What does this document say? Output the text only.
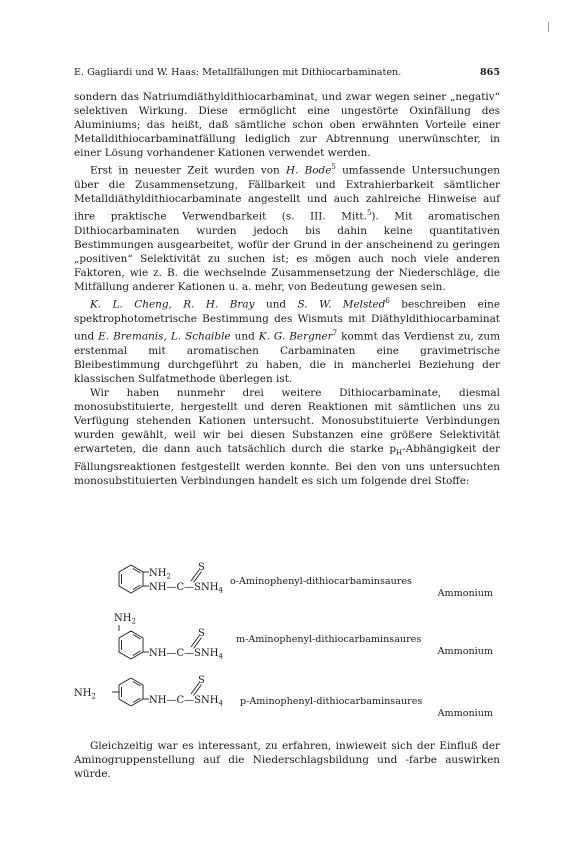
E. Gagliardi und W. Haas: Metallfällungen mit Dithiocarbaminaten.	865

sondern das Natriumdiäthyldithiocarbaminat, und zwar wegen seiner „negativ“ selektiven Wirkung. Diese ermöglicht eine ungestörte Oxinfällung des Aluminiums; das heißt, daß sämtliche schon oben erwähnten Vorteile einer Metalldithiocarbaminatfällung lediglich zur Abtrennung unerwünschter, in einer Lösung vorhandener Kationen verwendet werden.

Erst in neuester Zeit wurden von H. Bode$^5$ umfassende Untersuchungen über die Zusammensetzung, Fällbarkeit und Extrahierbarkeit sämtlicher Metalldiäthyldithiocarbaminate angestellt und auch zahlreiche Hinweise auf ihre praktische Verwendbarkeit (s. III. Mitt.$^5$). Mit aromatischen Dithiocarbaminaten wurden jedoch bis dahin keine quantitativen Bestimmungen ausgearbeitet, wofür der Grund in der anscheinend zu geringen „positiven“ Selektivität zu suchen ist; es mögen auch noch viele anderen Faktoren, wie z. B. die wechselnde Zusammensetzung der Niederschläge, die Mitfällung anderer Kationen u. a. mehr, von Bedeutung gewesen sein.

K. L. Cheng, R. H. Bray und S. W. Melsted$^6$ beschreiben eine spektrophotometrische Bestimmung des Wismuts mit Diäthyldithiocarbaminat und E. Bremanis, L. Schaible und K. G. Bergner$^7$ kommt das Verdienst zu, zum erstenmal mit aromatischen Carbaminaten eine gravimetrische Bleibestimmung durchgeführt zu haben, die in mancherlei Beziehung der klassischen Sulfatmethode überlegen ist.

Wir haben nunmehr drei weitere Dithiocarbaminate, diesmal monosubstituierte, hergestellt und deren Reaktionen mit sämtlichen uns zu Verfügung stehenden Kationen untersucht. Monosubstituierte Verbindungen wurden gewählt, weil wir bei diesen Substanzen eine größere Selektivität erwarteten, die dann auch tatsächlich durch die starke $p_H$-Abhängigkeit der Fällungsreaktionen festgestellt werden konnte. Bei den von uns untersuchten monosubstituierten Verbindungen handelt es sich um folgende drei Stoffe:

$NH_2$
S
$NH—C—SNH_4$
o-Aminophenyl-dithiocarbaminsaures
Ammonium
$NH_2$
S
$NH—C—SNH_4$
m-Aminophenyl-dithiocarbaminsaures
Ammonium
$NH_2$
S
$NH—C—SNH_4$ p-Aminophenyl-dithiocarbaminsaures
Ammonium

Gleichzeitig war es interessant, zu erfahren, inwieweit sich der Einfluß der Aminogruppenstellung auf die Niederschlagsbildung und -farbe auswirken würde.
